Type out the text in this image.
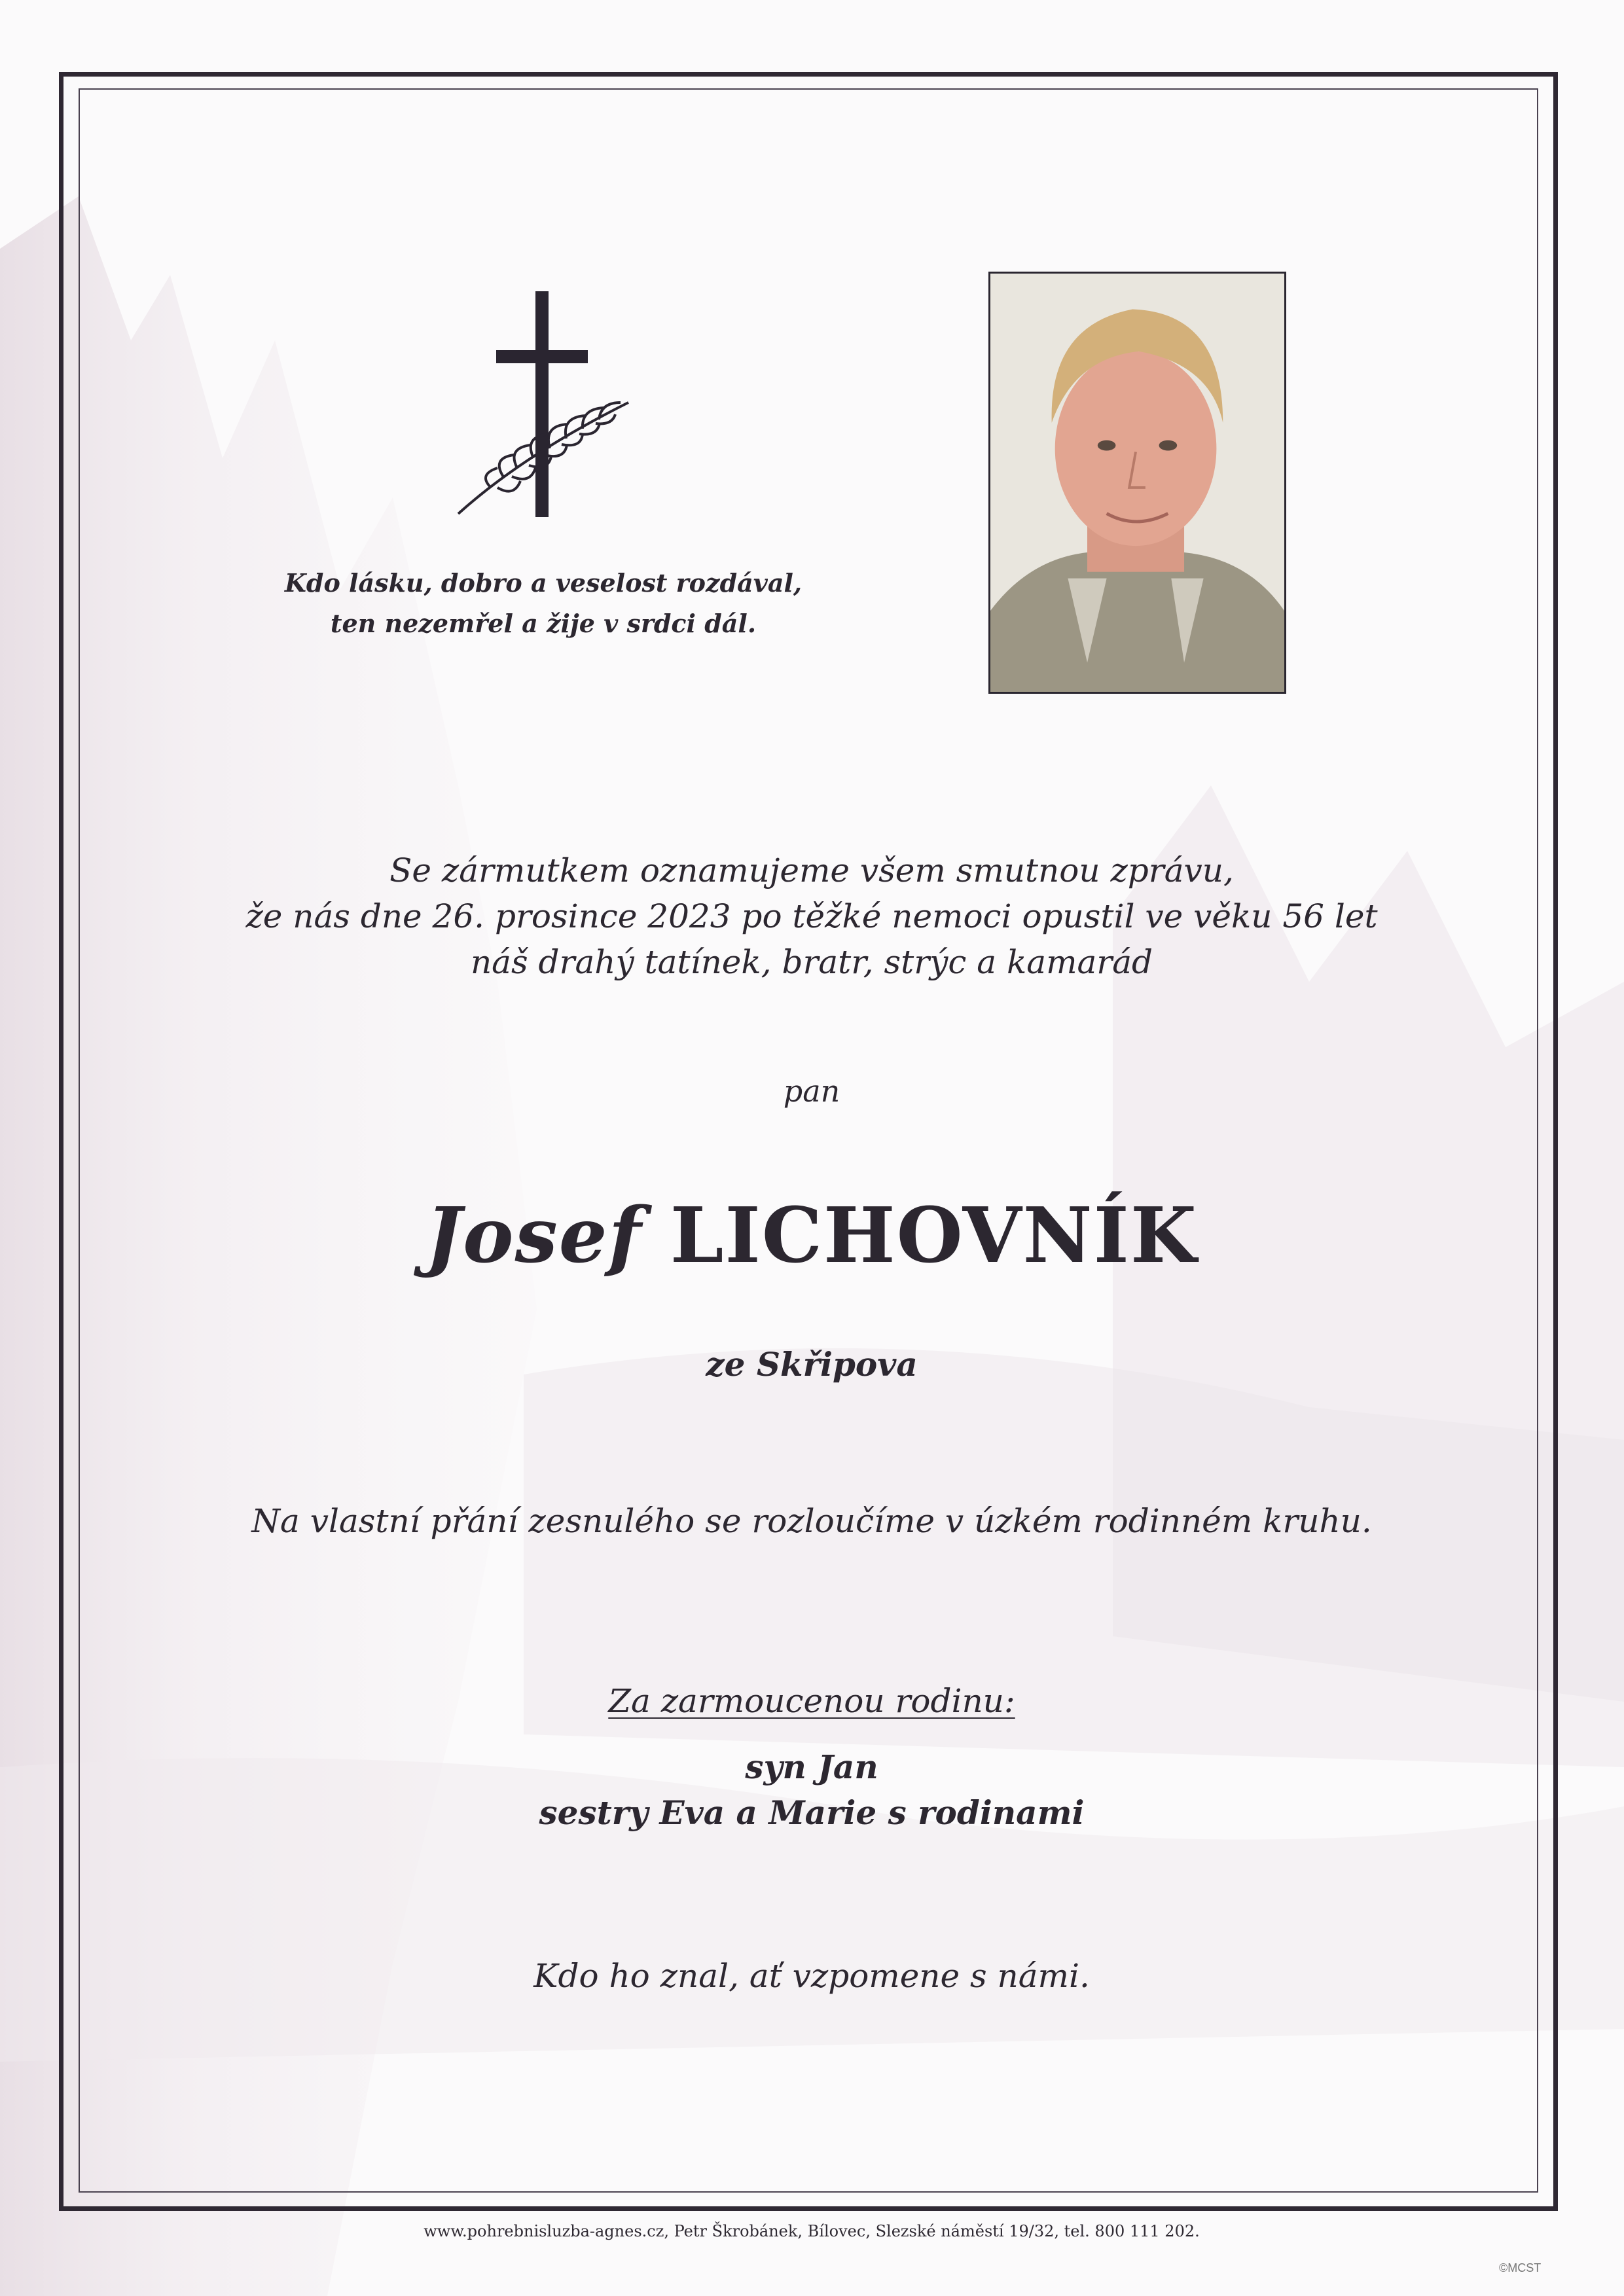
Kdo lásku, dobro a veselost rozdával,
ten nezemřel a žije v srdci dál.
Se zármutkem oznamujeme všem smutnou zprávu,
že nás dne 26. prosince 2023 po těžké nemoci opustil ve věku 56 let
náš drahý tatínek, bratr, strýc a kamarád
pan
Josef LICHOVNÍK
ze Skřipova
Na vlastní přání zesnulého se rozloučíme v úzkém rodinném kruhu.
Za zarmoucenou rodinu:
syn Jan
sestry Eva a Marie s rodinami
Kdo ho znal, ať vzpomene s námi.
www.pohrebnisluzba-agnes.cz, Petr Škrobánek, Bílovec, Slezské náměstí 19/32, tel. 800 111 202.
©MCST
